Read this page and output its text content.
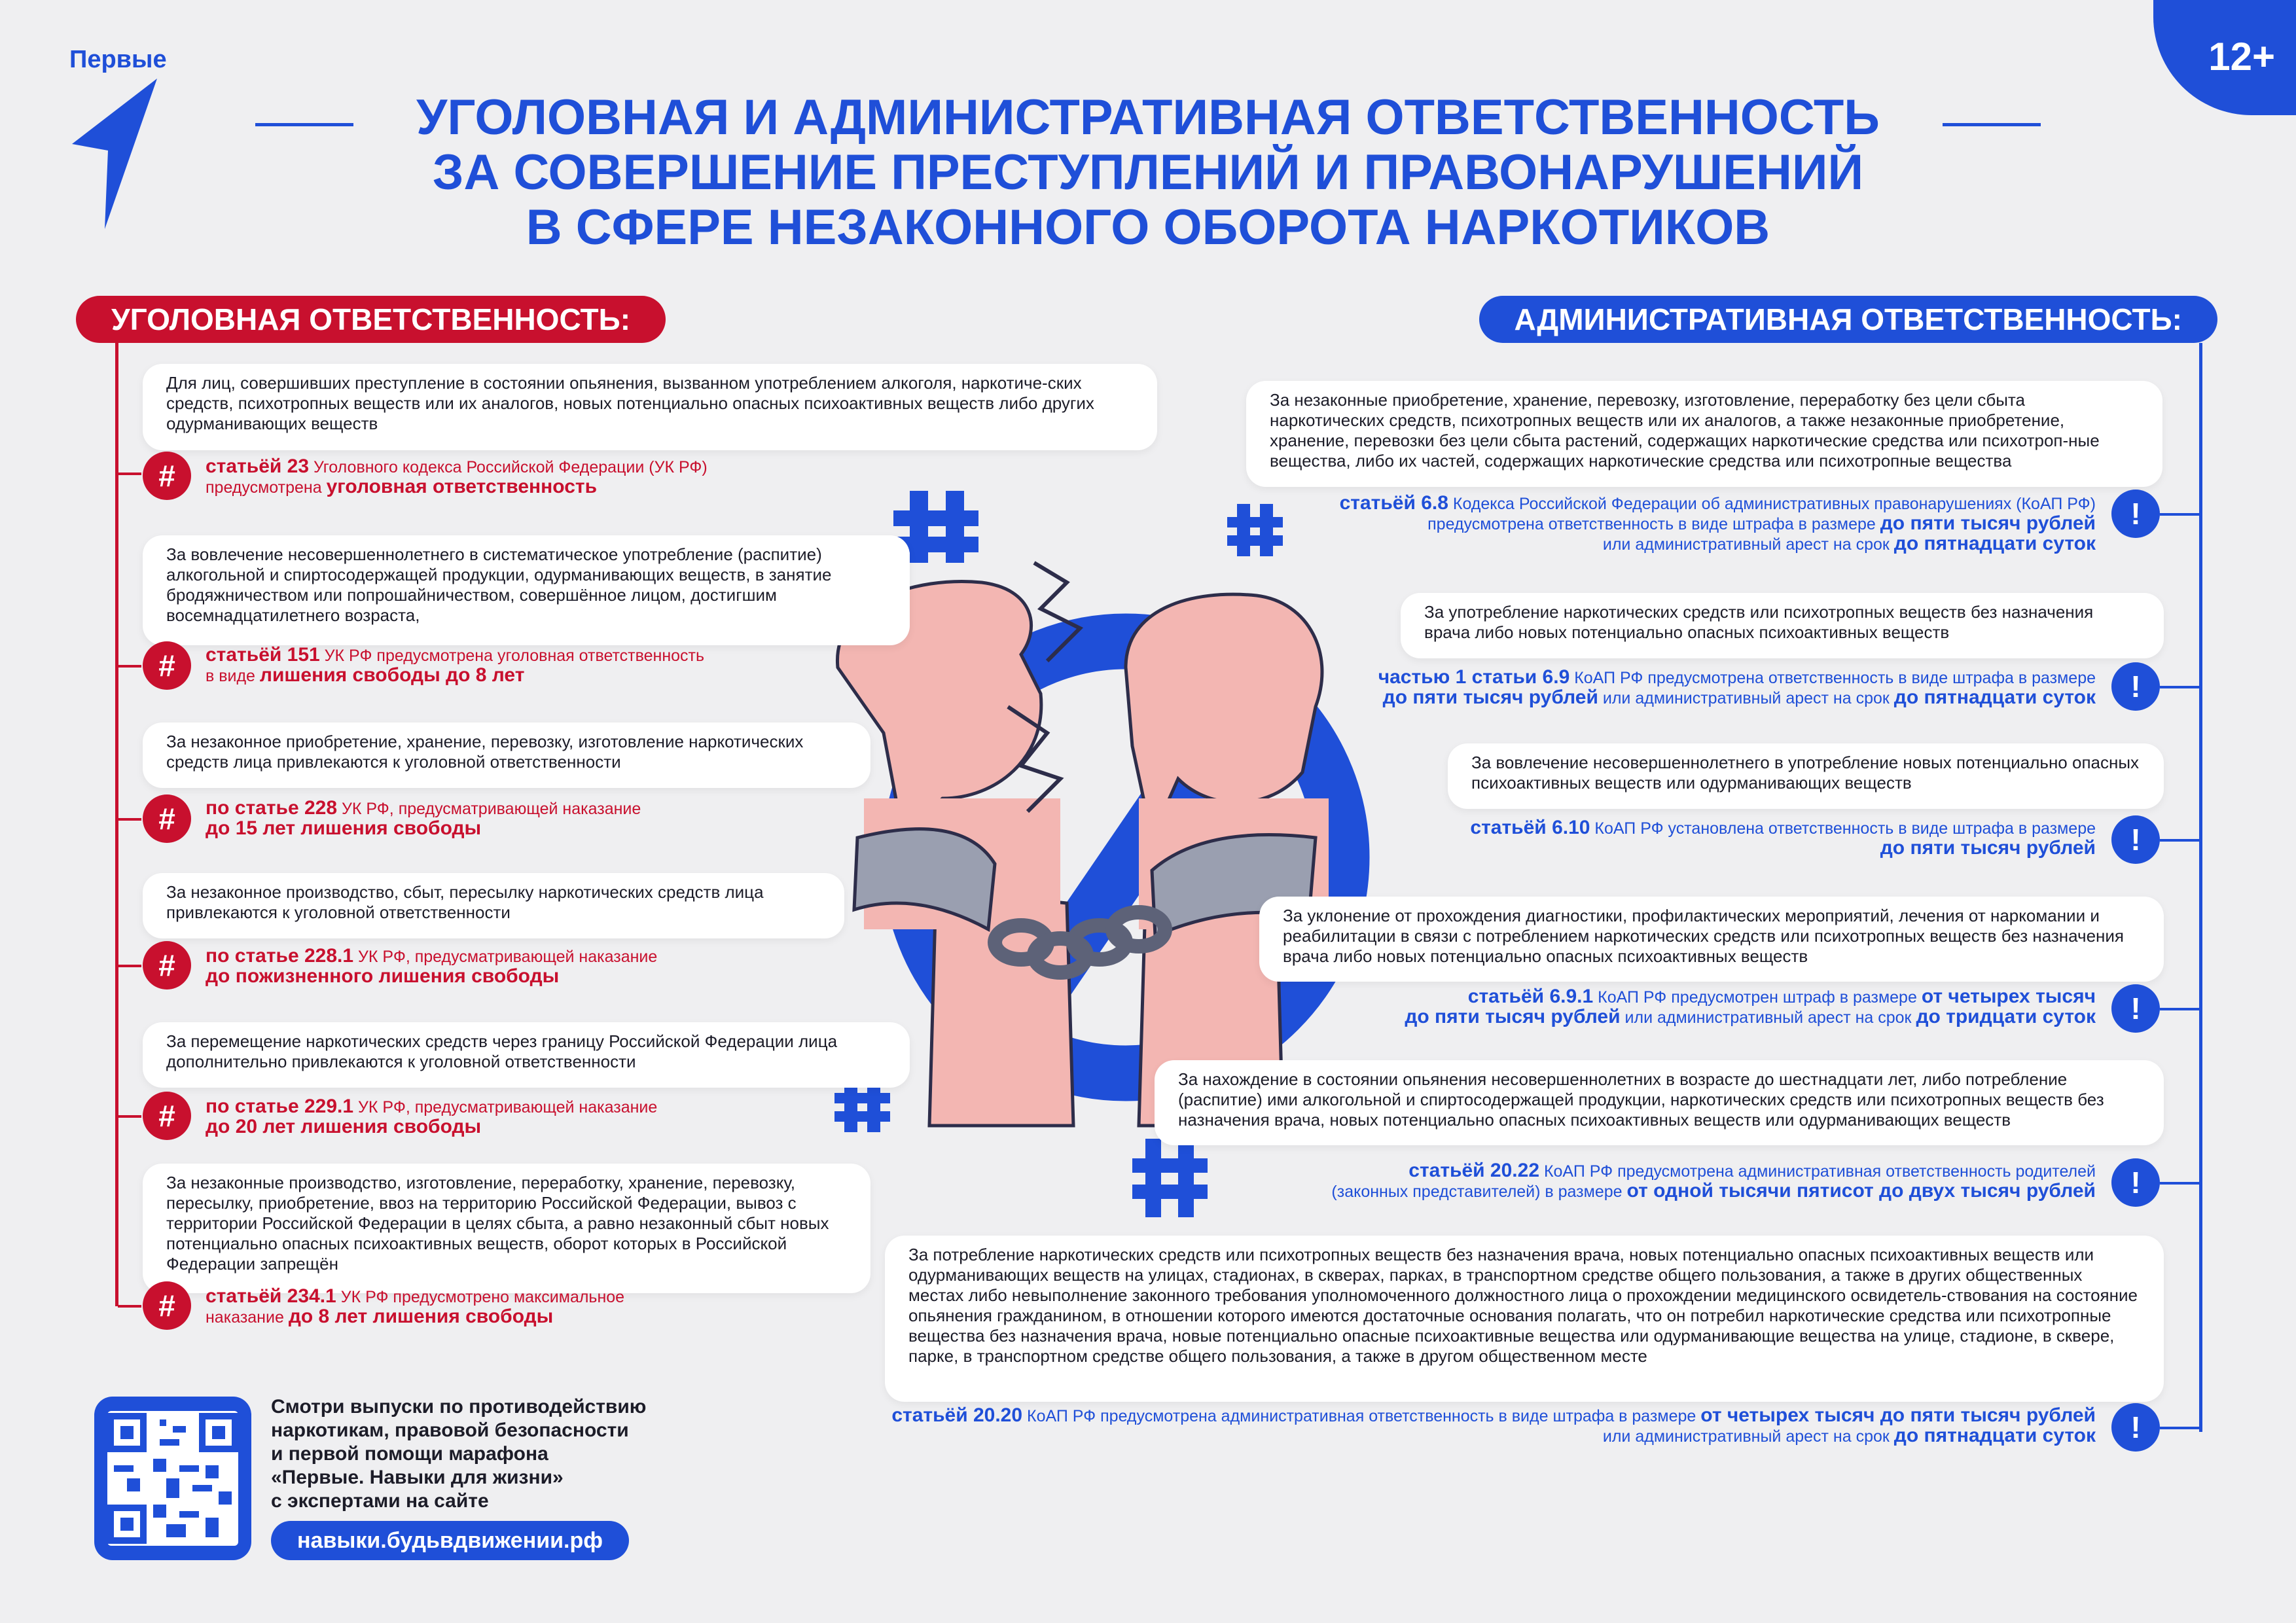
Первые	12+
УГОЛОВНАЯ И АДМИНИСТРАТИВНАЯ ОТВЕТСТВЕННОСТЬ
ЗА СОВЕРШЕНИЕ ПРЕСТУПЛЕНИЙ И ПРАВОНАРУШЕНИЙ
В СФЕРЕ НЕЗАКОННОГО ОБОРОТА НАРКОТИКОВ
УГОЛОВНАЯ ОТВЕТСТВЕННОСТЬ:	АДМИНИСТРАТИВНАЯ ОТВЕТСТВЕННОСТЬ:
Для лиц, совершивших преступление в состоянии опьянения, вызванном употреблением алкоголя, наркотиче-ских средств, психотропных веществ или их аналогов, новых потенциально опасных психоактивных веществ либо других одурманивающих веществ
#	статьёй 23 Уголовного кодекса Российской Федерации (УК РФ)
предусмотрена уголовная ответственность
За вовлечение несовершеннолетнего в систематическое употребление (распитие) алкогольной и спиртосодержащей продукции, одурманивающих веществ, в занятие бродяжничеством или попрошайничеством, совершённое лицом, достигшим восемнадцатилетнего возраста,
#	статьёй 151 УК РФ предусмотрена уголовная ответственность
в виде лишения свободы до 8 лет
За незаконное приобретение, хранение, перевозку, изготовление наркотических средств лица привлекаются к уголовной ответственности
#	по статье 228 УК РФ, предусматривающей наказание
до 15 лет лишения свободы
За незаконное производство, сбыт, пересылку наркотических средств лица привлекаются к уголовной ответственности
#	по статье 228.1 УК РФ, предусматривающей наказание
до пожизненного лишения свободы
За перемещение наркотических средств через границу Российской Федерации лица дополнительно привлекаются к уголовной ответственности
#	по статье 229.1 УК РФ, предусматривающей наказание
до 20 лет лишения свободы
За незаконные производство, изготовление, переработку, хранение, перевозку, пересылку, приобретение, ввоз на территорию Российской Федерации, вывоз с территории Российской Федерации в целях сбыта, а равно незаконный сбыт новых потенциально опасных психоактивных веществ, оборот которых в Российской Федерации запрещён
#	статьёй 234.1 УК РФ предусмотрено максимальное
наказание до 8 лет лишения свободы
За незаконные приобретение, хранение, перевозку, изготовление, переработку без цели сбыта наркотических средств, психотропных веществ или их аналогов, а также незаконные приобретение, хранение, перевозки без цели сбыта растений, содержащих наркотические средства или психотроп-ные вещества, либо их частей, содержащих наркотические средства или психотропные вещества
!
статьёй 6.8 Кодекса Российской Федерации об административных правонарушениях (КоАП РФ)
предусмотрена ответственность в виде штрафа в размере до пяти тысяч рублей
или административный арест на срок до пятнадцати суток
За употребление наркотических средств или психотропных веществ без назначения врача либо новых потенциально опасных психоактивных веществ
!
частью 1 статьи 6.9 КоАП РФ предусмотрена ответственность в виде штрафа в размере
до пяти тысяч рублей или административный арест на срок до пятнадцати суток
За вовлечение несовершеннолетнего в употребление новых потенциально опасных психоактивных веществ или одурманивающих веществ
!
статьёй 6.10 КоАП РФ установлена ответственность в виде штрафа в размере
до пяти тысяч рублей
За уклонение от прохождения диагностики, профилактических мероприятий, лечения от наркомании и реабилитации в связи с потреблением наркотических средств или психотропных веществ без назначения врача либо новых потенциально опасных психоактивных веществ
!
статьёй 6.9.1 КоАП РФ предусмотрен штраф в размере от четырех тысяч
до пяти тысяч рублей или административный арест на срок до тридцати суток
За нахождение в состоянии опьянения несовершеннолетних в возрасте до шестнадцати лет, либо потребление (распитие) ими алкогольной и спиртосодержащей продукции, наркотических средств или психотропных веществ без назначения врача, новых потенциально опасных психоактивных веществ или одурманивающих веществ
!
статьёй 20.22 КоАП РФ предусмотрена административная ответственность родителей
(законных представителей) в размере от одной тысячи пятисот до двух тысяч рублей
За потребление наркотических средств или психотропных веществ без назначения врача, новых потенциально опасных психоактивных веществ или одурманивающих веществ на улицах, стадионах, в скверах, парках, в транспортном средстве общего пользования, а также в других общественных местах либо невыполнение законного требования уполномоченного должностного лица о прохождении медицинского освидетель-ствования на состояние опьянения гражданином, в отношении которого имеются достаточные основания полагать, что он потребил наркотические средства или психотропные вещества без назначения врача, новые потенциально опасные психоактивные вещества или одурманивающие вещества на улице, стадионе, в сквере, парке, в транспортном средстве общего пользования, а также в другом общественном месте
!
статьёй 20.20 КоАП РФ предусмотрена административная ответственность в виде штрафа в размере от четырех тысяч до пяти тысяч рублей
или административный арест на срок до пятнадцати суток
Смотри выпуски по противодействию
наркотикам, правовой безопасности
и первой помощи марафона
«Первые. Навыки для жизни»
с экспертами на сайте
навыки.будьвдвижении.рф
